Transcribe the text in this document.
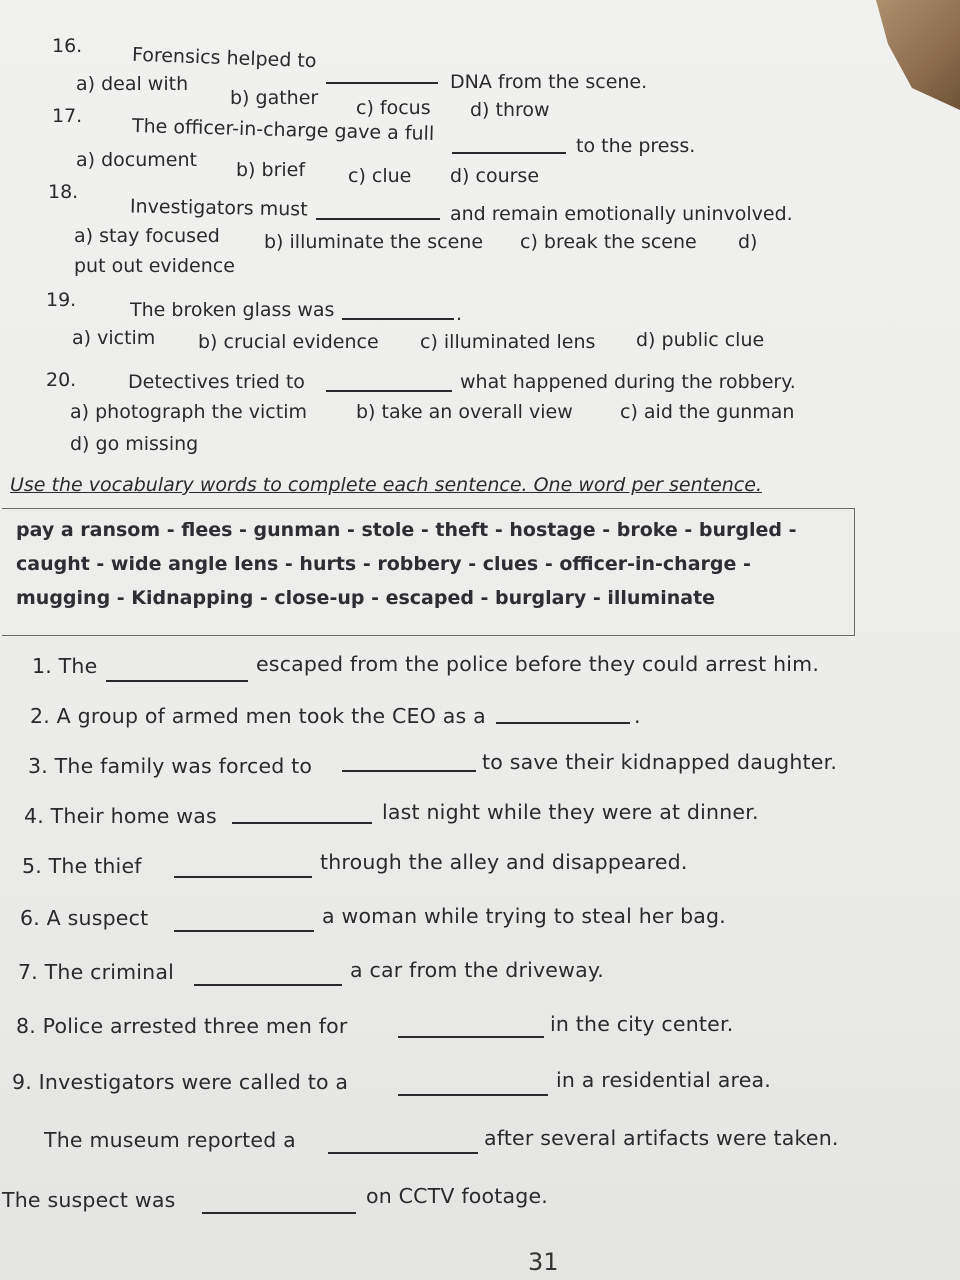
16.	Forensics helped to
DNA from the scene.
a) deal with
b) gather c) focus d) throw
17.	The officer-in-charge gave a full
to the press.
a) document b) brief c) clue d) course
18.
Investigators must	and remain emotionally uninvolved.
a) stay focused b) illuminate the scene c) break the scene d)
put out evidence
19.	The broken glass was	.
a) victim b) crucial evidence c) illuminated lens d) public clue
20.	Detectives tried to	what happened during the robbery.
a) photograph the victim	b) take an overall view c) aid the gunman
d) go missing
Use the vocabulary words to complete each sentence. One word per sentence.
pay a ransom - flees - gunman - stole - theft - hostage - broke - burgled -
caught - wide angle lens - hurts - robbery - clues - officer-in-charge -
mugging - Kidnapping - close-up - escaped - burglary - illuminate
1. The	escaped from the police before they could arrest him.
2. A group of armed men took the CEO as a	.
3. The family was forced to	to save their kidnapped daughter.
4. Their home was	last night while they were at dinner.
5. The thief	through the alley and disappeared.
6. A suspect	a woman while trying to steal her bag.
7. The criminal	a car from the driveway.
8. Police arrested three men for	in the city center.
9. Investigators were called to a	in a residential area.
The museum reported a	after several artifacts were taken.
The suspect was	on CCTV footage.
31
